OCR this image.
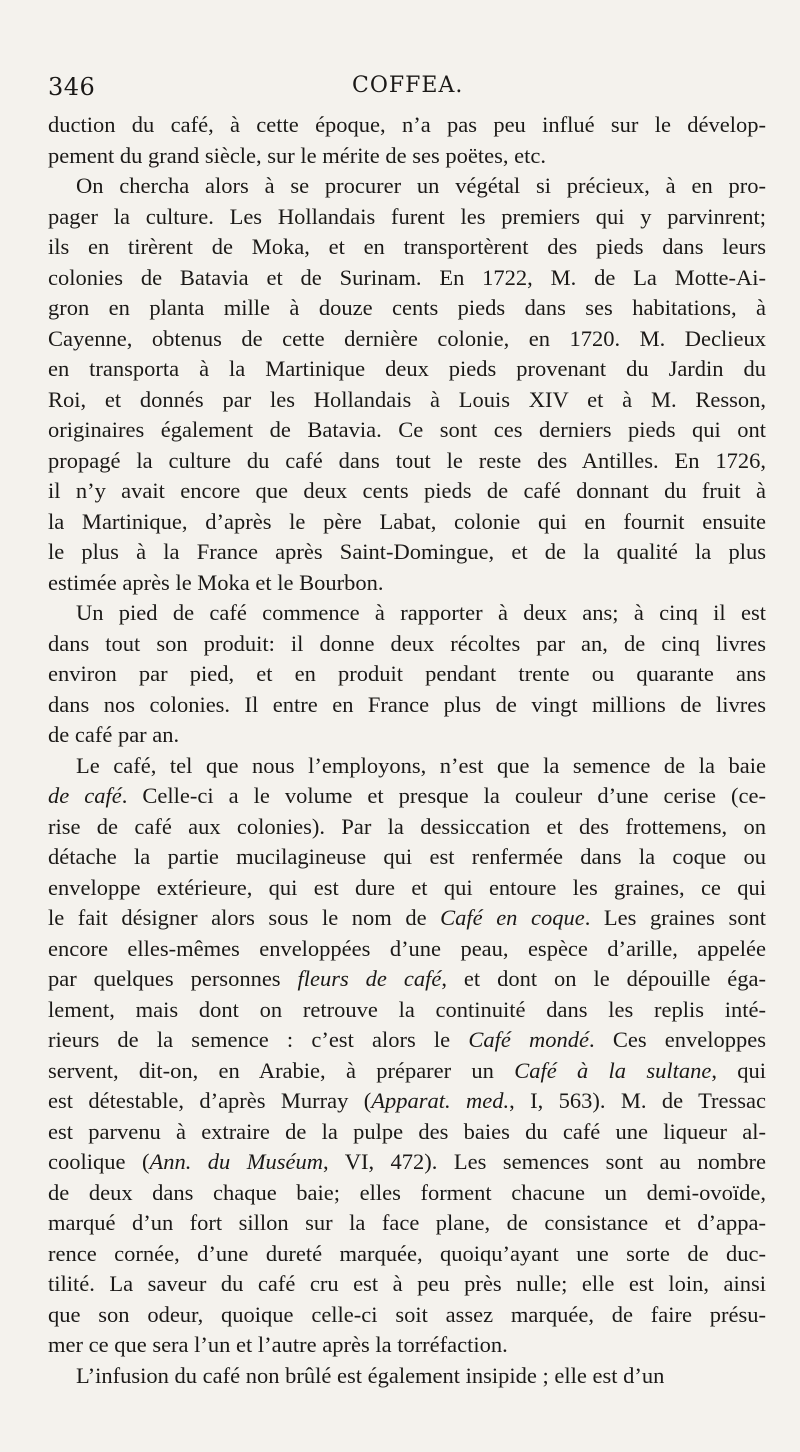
346	COFFEA.
duction du café, à cette époque, n’a pas peu influé sur le dévelop-
pement du grand siècle, sur le mérite de ses poëtes, etc.
On chercha alors à se procurer un végétal si précieux, à en pro-
pager la culture. Les Hollandais furent les premiers qui y parvinrent;
ils en tirèrent de Moka, et en transportèrent des pieds dans leurs
colonies de Batavia et de Surinam. En 1722, M. de La Motte-Ai-
gron en planta mille à douze cents pieds dans ses habitations, à
Cayenne, obtenus de cette dernière colonie, en 1720. M. Declieux
en transporta à la Martinique deux pieds provenant du Jardin du
Roi, et donnés par les Hollandais à Louis XIV et à M. Resson,
originaires également de Batavia. Ce sont ces derniers pieds qui ont
propagé la culture du café dans tout le reste des Antilles. En 1726,
il n’y avait encore que deux cents pieds de café donnant du fruit à
la Martinique, d’après le père Labat, colonie qui en fournit ensuite
le plus à la France après Saint-Domingue, et de la qualité la plus
estimée après le Moka et le Bourbon.
Un pied de café commence à rapporter à deux ans; à cinq il est
dans tout son produit: il donne deux récoltes par an, de cinq livres
environ par pied, et en produit pendant trente ou quarante ans
dans nos colonies. Il entre en France plus de vingt millions de livres
de café par an.
Le café, tel que nous l’employons, n’est que la semence de la baie
de café. Celle-ci a le volume et presque la couleur d’une cerise (ce-
rise de café aux colonies). Par la dessiccation et des frottemens, on
détache la partie mucilagineuse qui est renfermée dans la coque ou
enveloppe extérieure, qui est dure et qui entoure les graines, ce qui
le fait désigner alors sous le nom de Café en coque. Les graines sont
encore elles-mêmes enveloppées d’une peau, espèce d’arille, appelée
par quelques personnes fleurs de café, et dont on le dépouille éga-
lement, mais dont on retrouve la continuité dans les replis inté-
rieurs de la semence : c’est alors le Café mondé. Ces enveloppes
servent, dit-on, en Arabie, à préparer un Café à la sultane, qui
est détestable, d’après Murray (Apparat. med., I, 563). M. de Tressac
est parvenu à extraire de la pulpe des baies du café une liqueur al-
coolique (Ann. du Muséum, VI, 472). Les semences sont au nombre
de deux dans chaque baie; elles forment chacune un demi-ovoïde,
marqué d’un fort sillon sur la face plane, de consistance et d’appa-
rence cornée, d’une dureté marquée, quoiqu’ayant une sorte de duc-
tilité. La saveur du café cru est à peu près nulle; elle est loin, ainsi
que son odeur, quoique celle-ci soit assez marquée, de faire présu-
mer ce que sera l’un et l’autre après la torréfaction.
L’infusion du café non brûlé est également insipide ; elle est d’un
